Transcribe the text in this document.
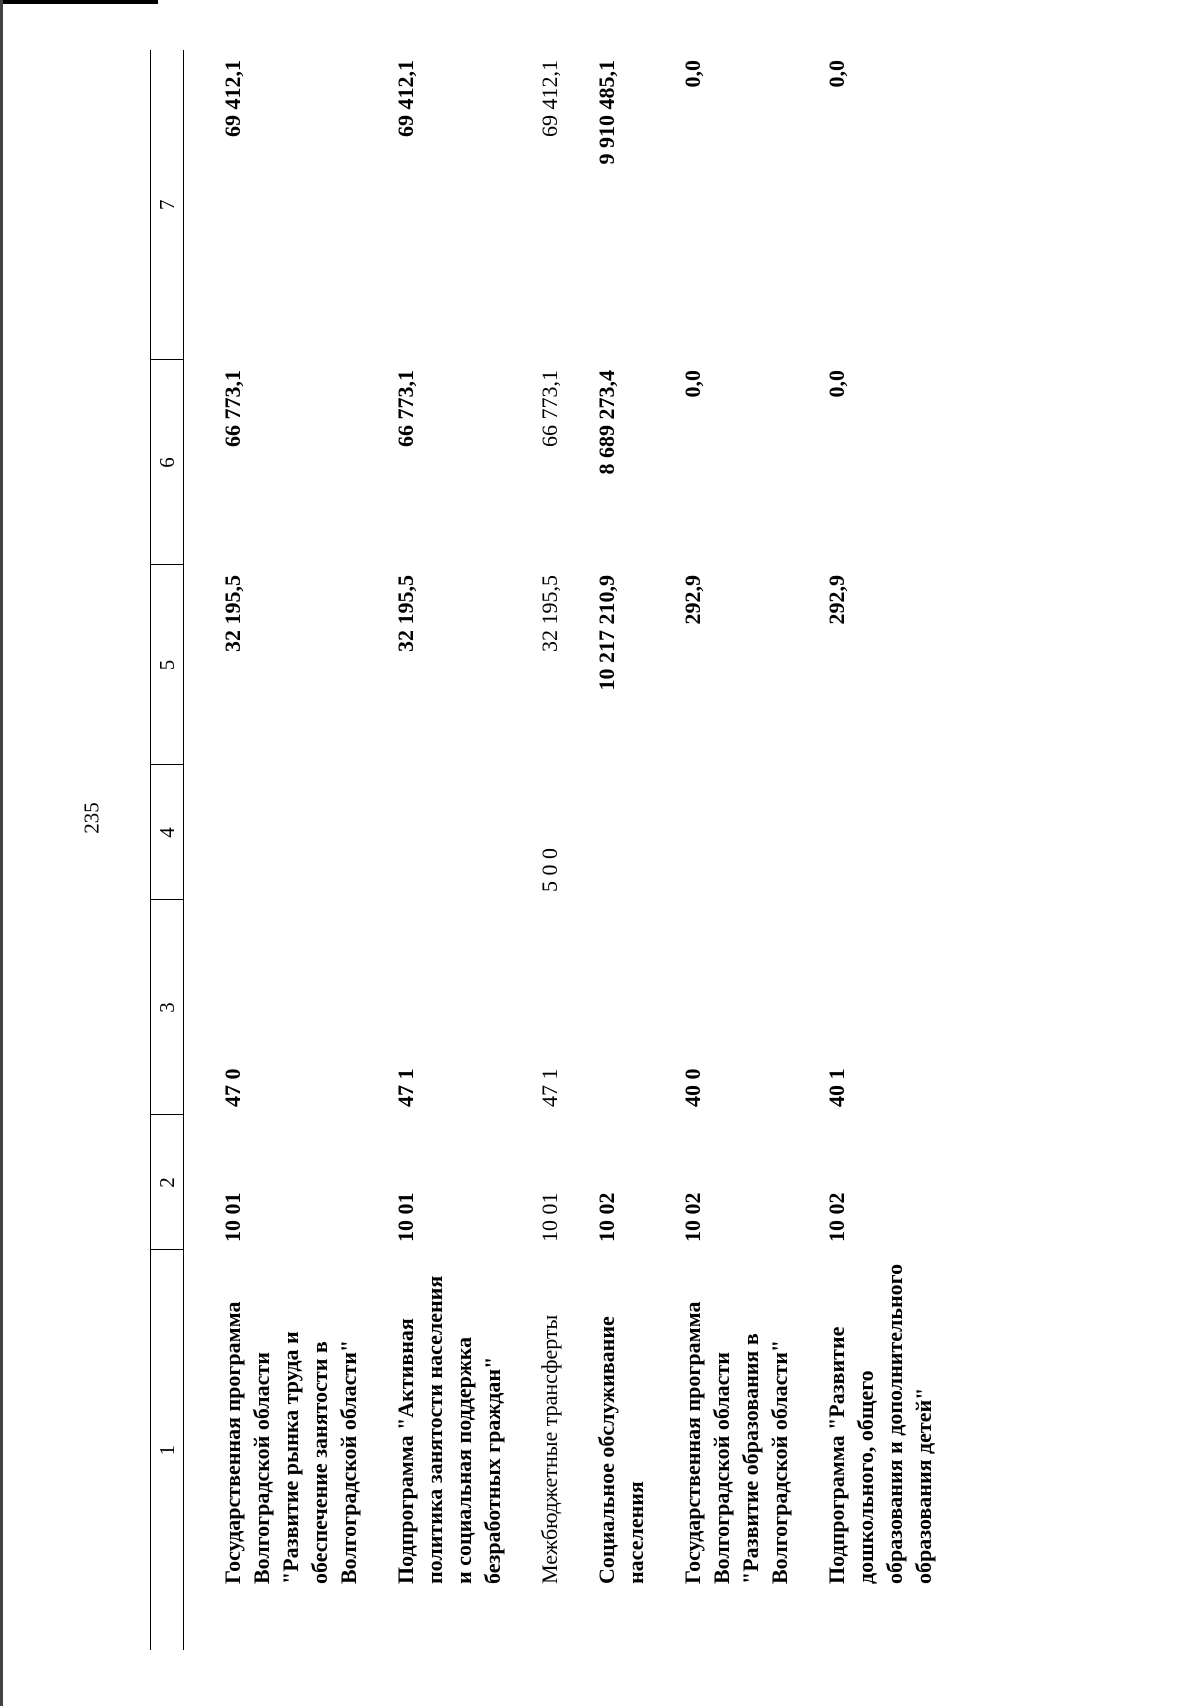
235
1	2	3	4	5	6	7
Государственная программа Волгоградской области "Развитие рынка труда и обеспечение занятости в Волгоградской области"	10 01	47 0		32 195,5	66 773,1	69 412,1
Подпрограмма "Активная политика занятости населения и социальная поддержка безработных граждан"	10 01	47 1		32 195,5	66 773,1	69 412,1
Межбюджетные трансферты	10 01	47 1	5 0 0	32 195,5	66 773,1	69 412,1
Социальное обслуживание населения	10 02			10 217 210,9	8 689 273,4	9 910 485,1
Государственная программа Волгоградской области "Развитие образования в Волгоградской области"	10 02	40 0		292,9	0,0	0,0
Подпрограмма "Развитие дошкольного, общего образования и дополнительного образования детей"	10 02	40 1		292,9	0,0	0,0
